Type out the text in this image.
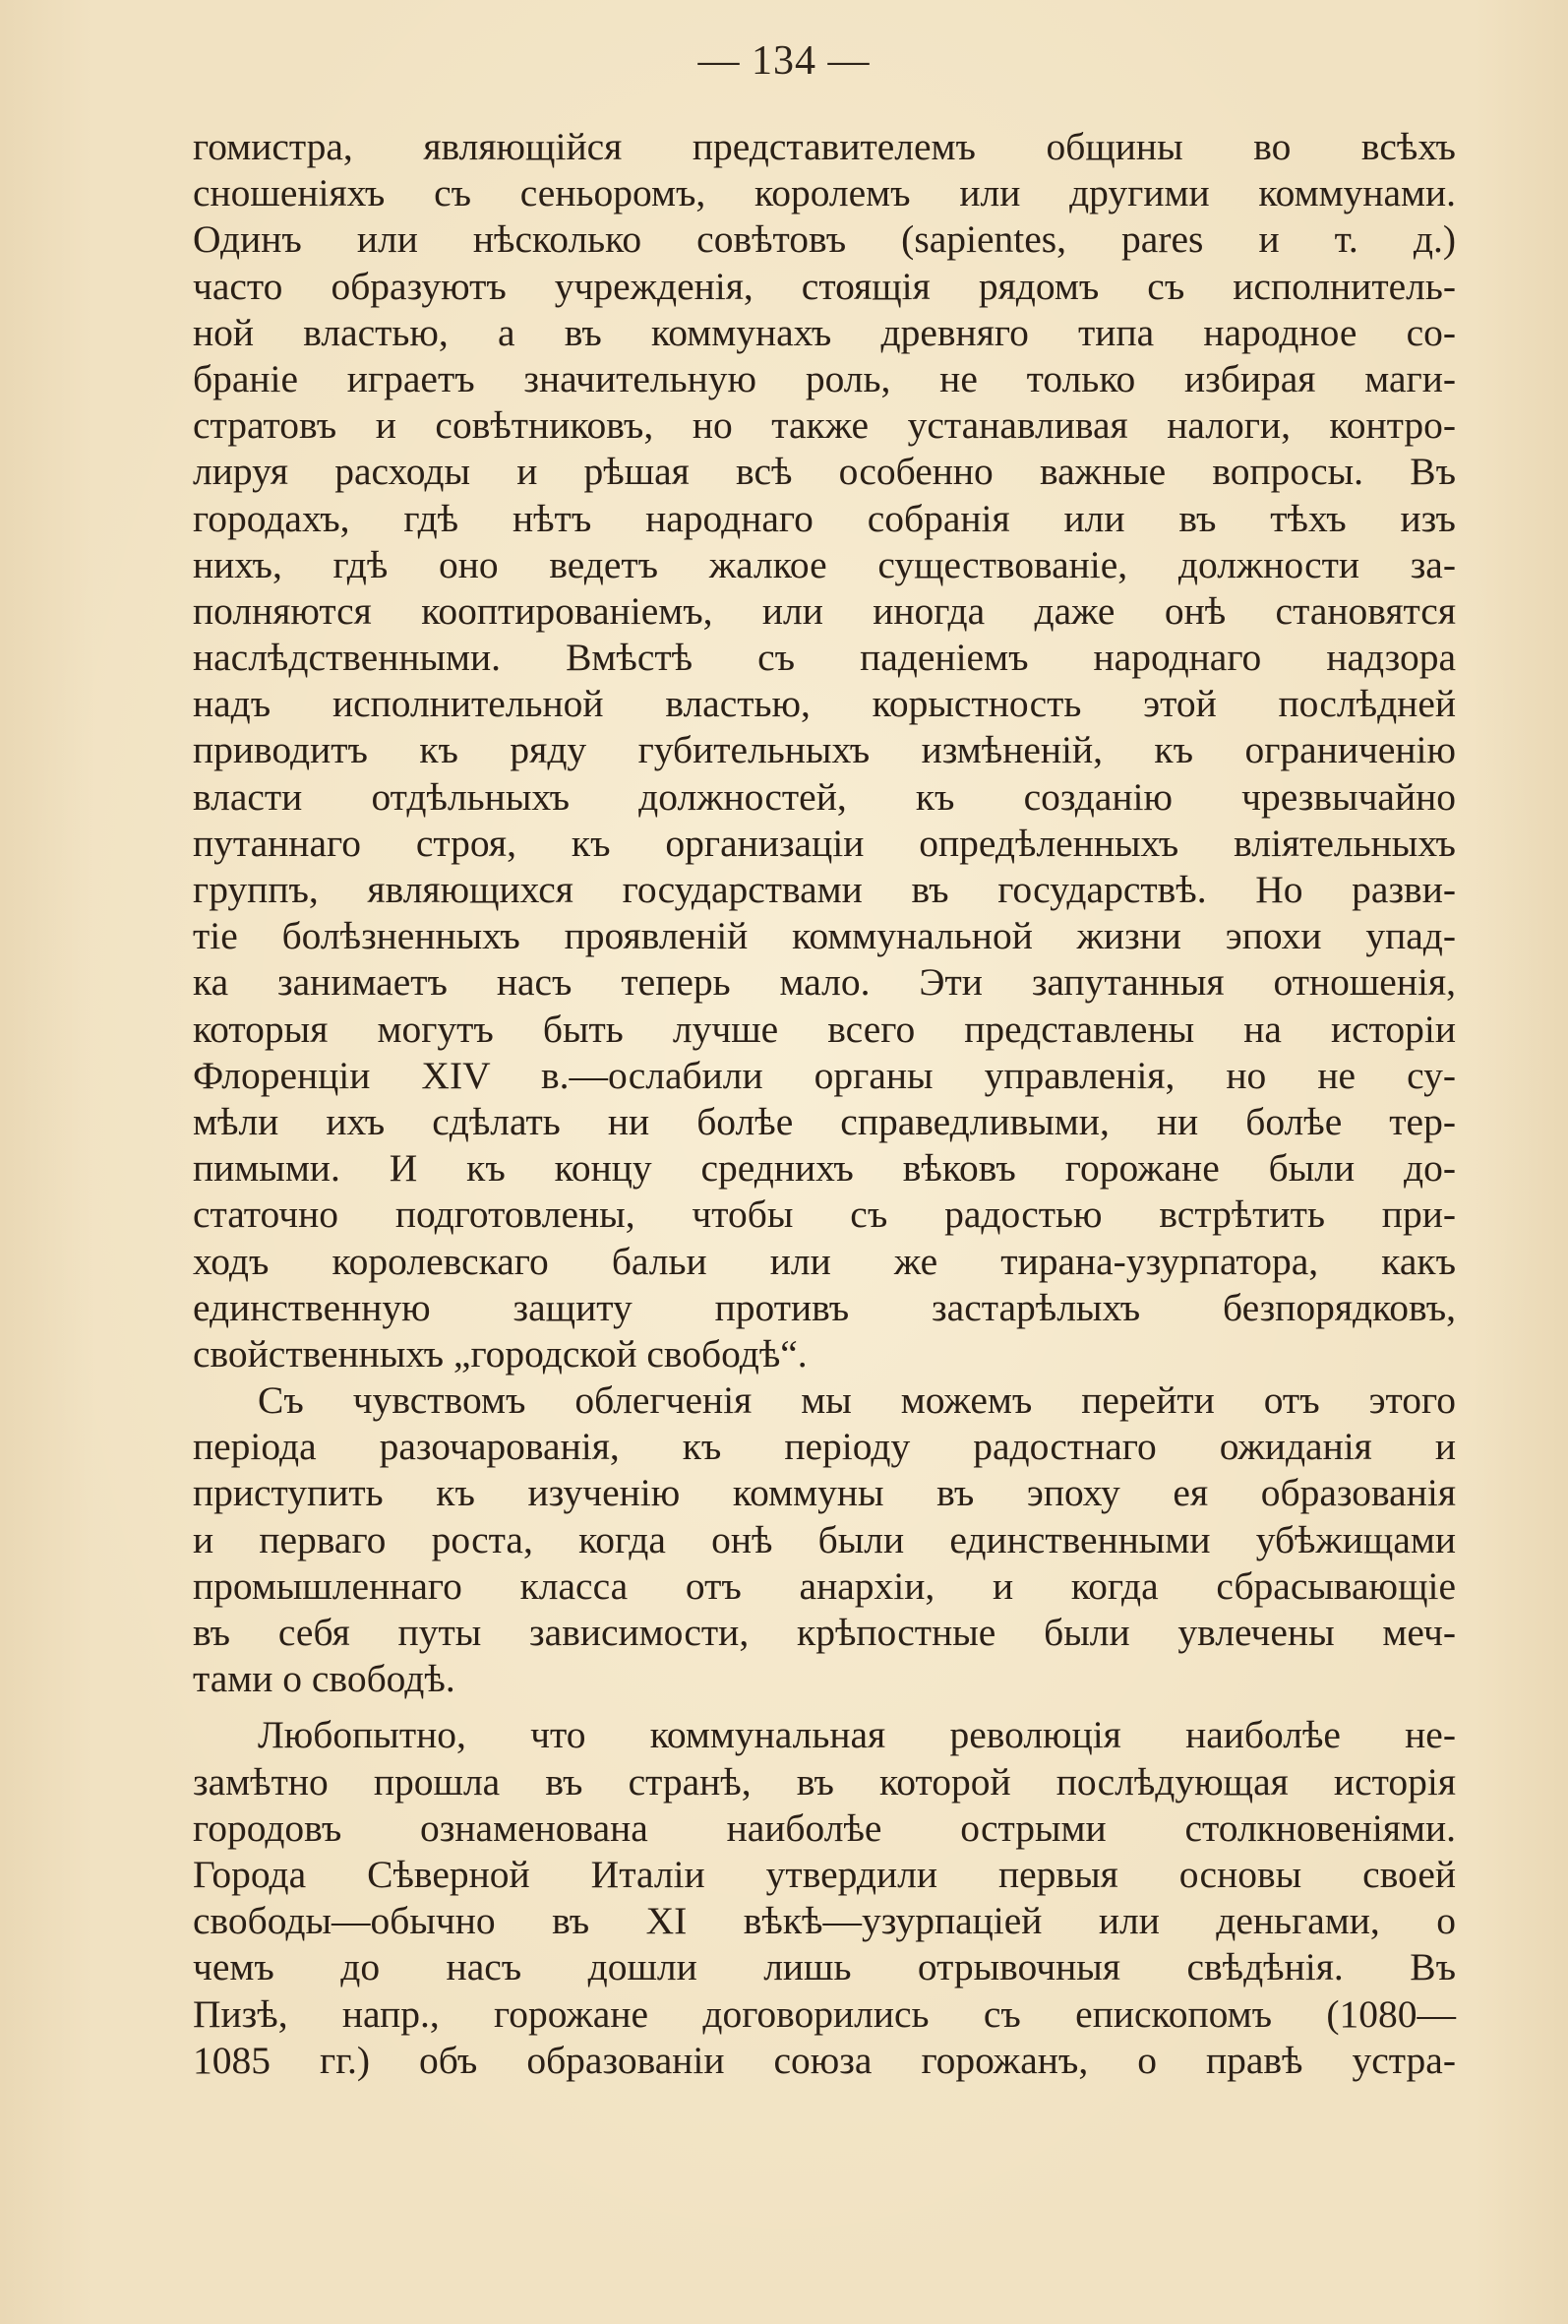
— 134 —
гомистра, являющійся представителемъ общины во всѣхъ
сношеніяхъ съ сеньоромъ, королемъ или другими коммунами.
Одинъ или нѣсколько совѣтовъ (sapientes, pares и т. д.)
часто образуютъ учрежденія, стоящія рядомъ съ исполнитель-
ной властью, а въ коммунахъ древняго типа народное со-
браніе играетъ значительную роль, не только избирая маги-
стратовъ и совѣтниковъ, но также устанавливая налоги, контро-
лируя расходы и рѣшая всѣ особенно важные вопросы. Въ
городахъ, гдѣ нѣтъ народнаго собранія или въ тѣхъ изъ
нихъ, гдѣ оно ведетъ жалкое существованіе, должности за-
полняются кооптированіемъ, или иногда даже онѣ становятся
наслѣдственными. Вмѣстѣ съ паденіемъ народнаго надзора
надъ исполнительной властью, корыстность этой послѣдней
приводитъ къ ряду губительныхъ измѣненій, къ ограниченію
власти отдѣльныхъ должностей, къ созданію чрезвычайно
путаннаго строя, къ организаціи опредѣленныхъ вліятельныхъ
группъ, являющихся государствами въ государствѣ. Но разви-
тіе болѣзненныхъ проявленій коммунальной жизни эпохи упад-
ка занимаетъ насъ теперь мало. Эти запутанныя отношенія,
которыя могутъ быть лучше всего представлены на исторіи
Флоренціи XIV в.—ослабили органы управленія, но не су-
мѣли ихъ сдѣлать ни болѣе справедливыми, ни болѣе тер-
пимыми. И къ концу среднихъ вѣковъ горожане были до-
статочно подготовлены, чтобы съ радостью встрѣтить при-
ходъ королевскаго бальи или же тирана-узурпатора, какъ
единственную защиту противъ застарѣлыхъ безпорядковъ,
свойственныхъ „городской свободѣ“.
Съ чувствомъ облегченія мы можемъ перейти отъ этого
періода разочарованія, къ періоду радостнаго ожиданія и
приступить къ изученію коммуны въ эпоху ея образованія
и перваго роста, когда онѣ были единственными убѣжищами
промышленнаго класса отъ анархіи, и когда сбрасывающіе
въ себя путы зависимости, крѣпостные были увлечены меч-
тами о свободѣ.
Любопытно, что коммунальная революція наиболѣе не-
замѣтно прошла въ странѣ, въ которой послѣдующая исторія
городовъ ознаменована наиболѣе острыми столкновеніями.
Города Сѣверной Италіи утвердили первыя основы своей
свободы—обычно въ XI вѣкѣ—узурпаціей или деньгами, о
чемъ до насъ дошли лишь отрывочныя свѣдѣнія. Въ
Пизѣ, напр., горожане договорились съ епископомъ (1080—
1085 гг.) объ образованіи союза горожанъ, о правѣ устра-
